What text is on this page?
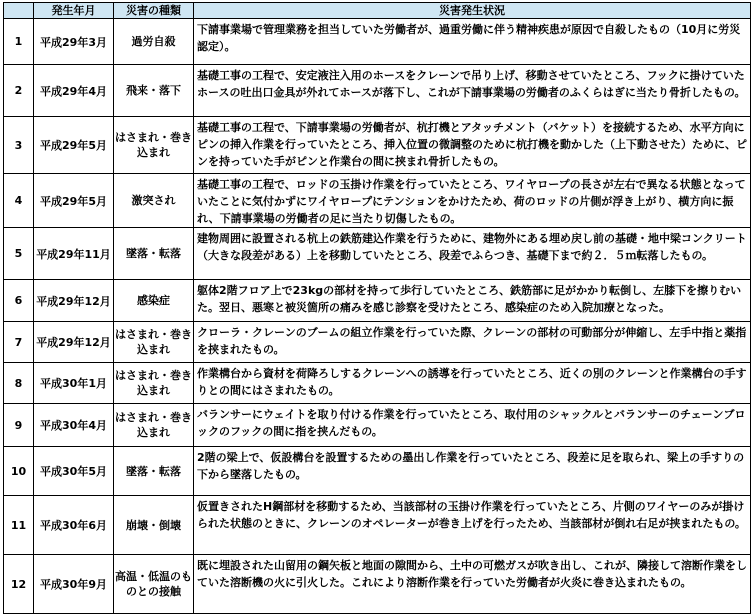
	発生年月	災害の種類	災害発生状況
1	平成29年3月	過労自殺	下請事業場で管理業務を担当していた労働者が、過重労働に伴う精神疾患が原因で自殺したもの（10月に労災認定）。
2	平成29年4月	飛来・落下	基礎工事の工程で、安定液注入用のホースをクレーンで吊り上げ、移動させていたところ、フックに掛けていたホースの吐出口金具が外れてホースが落下し、これが下請事業場の労働者のふくらはぎに当たり骨折したもの。
3	平成29年5月	はさまれ・巻き込まれ	基礎工事の工程で、下請事業場の労働者が、杭打機とアタッチメント（バケット）を接続するため、水平方向にピンの挿入作業を行っていたところ、挿入位置の微調整のために杭打機を動かした（上下動させた）ために、ピンを持っていた手がピンと作業台の間に挟まれ骨折したもの。
4	平成29年5月	激突され	基礎工事の工程で、ロッドの玉掛け作業を行っていたところ、ワイヤロープの長さが左右で異なる状態となっていたことに気付かずにワイヤロープにテンションをかけたため、荷のロッドの片側が浮き上がり、横方向に振れ、下請事業場の労働者の足に当たり切傷したもの。
5	平成29年11月	墜落・転落	建物周囲に設置される杭上の鉄筋建込作業を行うために、建物外にある埋め戻し前の基礎・地中梁コンクリート（大きな段差がある）上を移動していたところ、段差でふらつき、基礎下まで約２．５ｍ転落したもの。
6	平成29年12月	感染症	躯体2階フロア上で23kgの部材を持って歩行していたところ、鉄筋部に足がかかり転倒し、左膝下を擦りむいた。翌日、悪寒と被災箇所の痛みを感じ診察を受けたところ、感染症のため入院加療となった。
7	平成29年12月	はさまれ・巻き込まれ	クローラ・クレーンのブームの組立作業を行っていた際、クレーンの部材の可動部分が伸縮し、左手中指と薬指を挟まれたもの。
8	平成30年1月	はさまれ・巻き込まれ	作業構台から資材を荷降ろしするクレーンへの誘導を行っていたところ、近くの別のクレーンと作業構台の手すりとの間にはさまれたもの。
9	平成30年4月	はさまれ・巻き込まれ	バランサーにウェイトを取り付ける作業を行っていたところ、取付用のシャックルとバランサーのチェーンブロックのフックの間に指を挟んだもの。
10	平成30年5月	墜落・転落	2階の梁上で、仮設構台を設置するための墨出し作業を行っていたところ、段差に足を取られ、梁上の手すりの下から墜落したもの。
11	平成30年6月	崩壊・倒壊	仮置きされたH鋼部材を移動するため、当該部材の玉掛け作業を行っていたところ、片側のワイヤーのみが掛けられた状態のときに、クレーンのオペレーターが巻き上げを行ったため、当該部材が倒れ右足が挟まれたもの。
12	平成30年9月	高温・低温のものとの接触	既に埋設された山留用の鋼矢板と地面の隙間から、土中の可燃ガスが吹き出し、これが、隣接して溶断作業をしていた溶断機の火に引火した。これにより溶断作業を行っていた労働者が火炎に巻き込まれたもの。
